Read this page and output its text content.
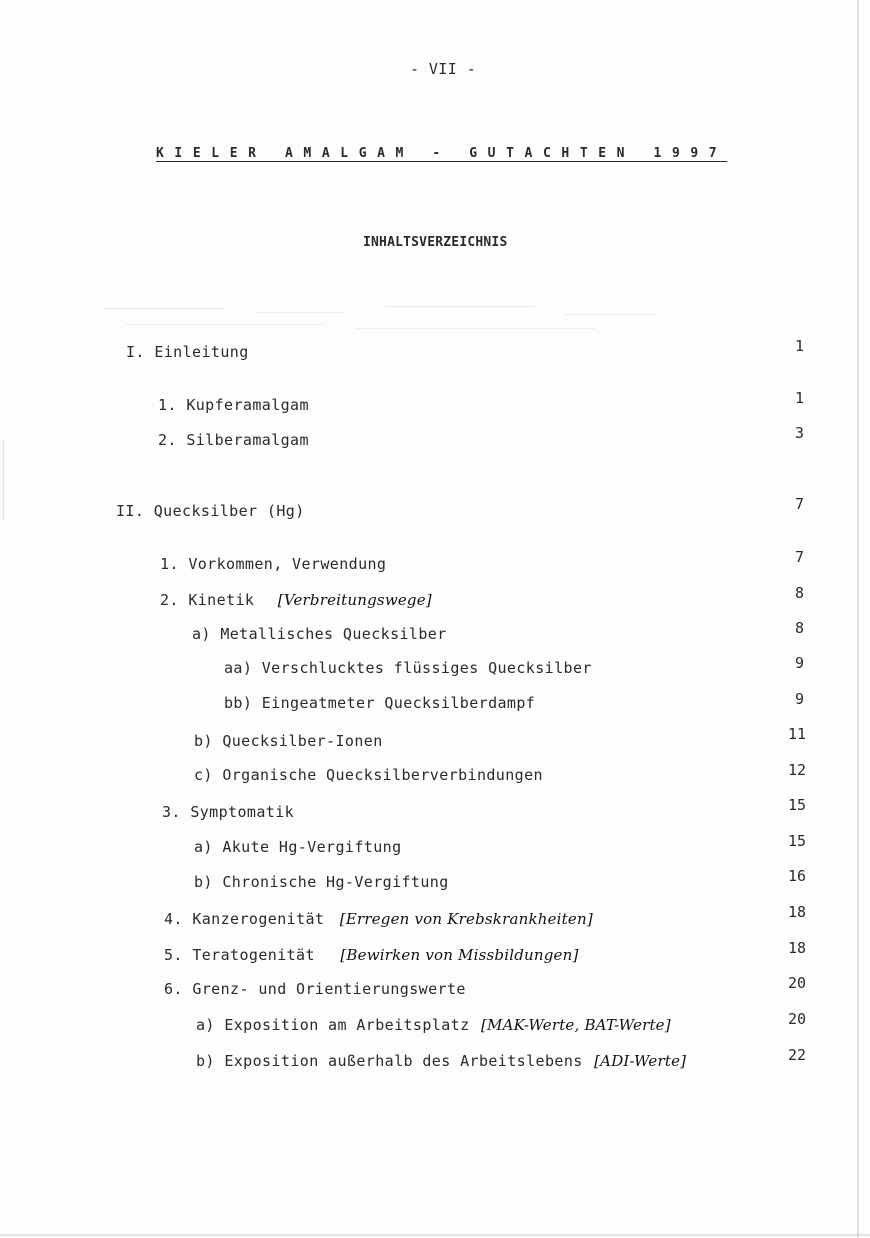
- VII -
KIELER AMALGAM - GUTACHTEN 1997
INHALTSVERZEICHNIS
I. Einleitung	1
1. Kupferamalgam	1
2. Silberamalgam	3
II. Quecksilber (Hg)	7
1. Vorkommen, Verwendung	7
2. Kinetik [Verbreitungswege]	8
a) Metallisches Quecksilber	8
aa) Verschlucktes flüssiges Quecksilber	9
bb) Eingeatmeter Quecksilberdampf	9
b) Quecksilber-Ionen	11
c) Organische Quecksilberverbindungen	12
3. Symptomatik	15
a) Akute Hg-Vergiftung	15
b) Chronische Hg-Vergiftung	16
4. Kanzerogenität [Erregen von Krebskrankheiten]	18
5. Teratogenität [Bewirken von Missbildungen]	18
6. Grenz- und Orientierungswerte	20
a) Exposition am Arbeitsplatz [MAK-Werte, BAT-Werte]	20
b) Exposition außerhalb des Arbeitslebens [ADI-Werte]	22
